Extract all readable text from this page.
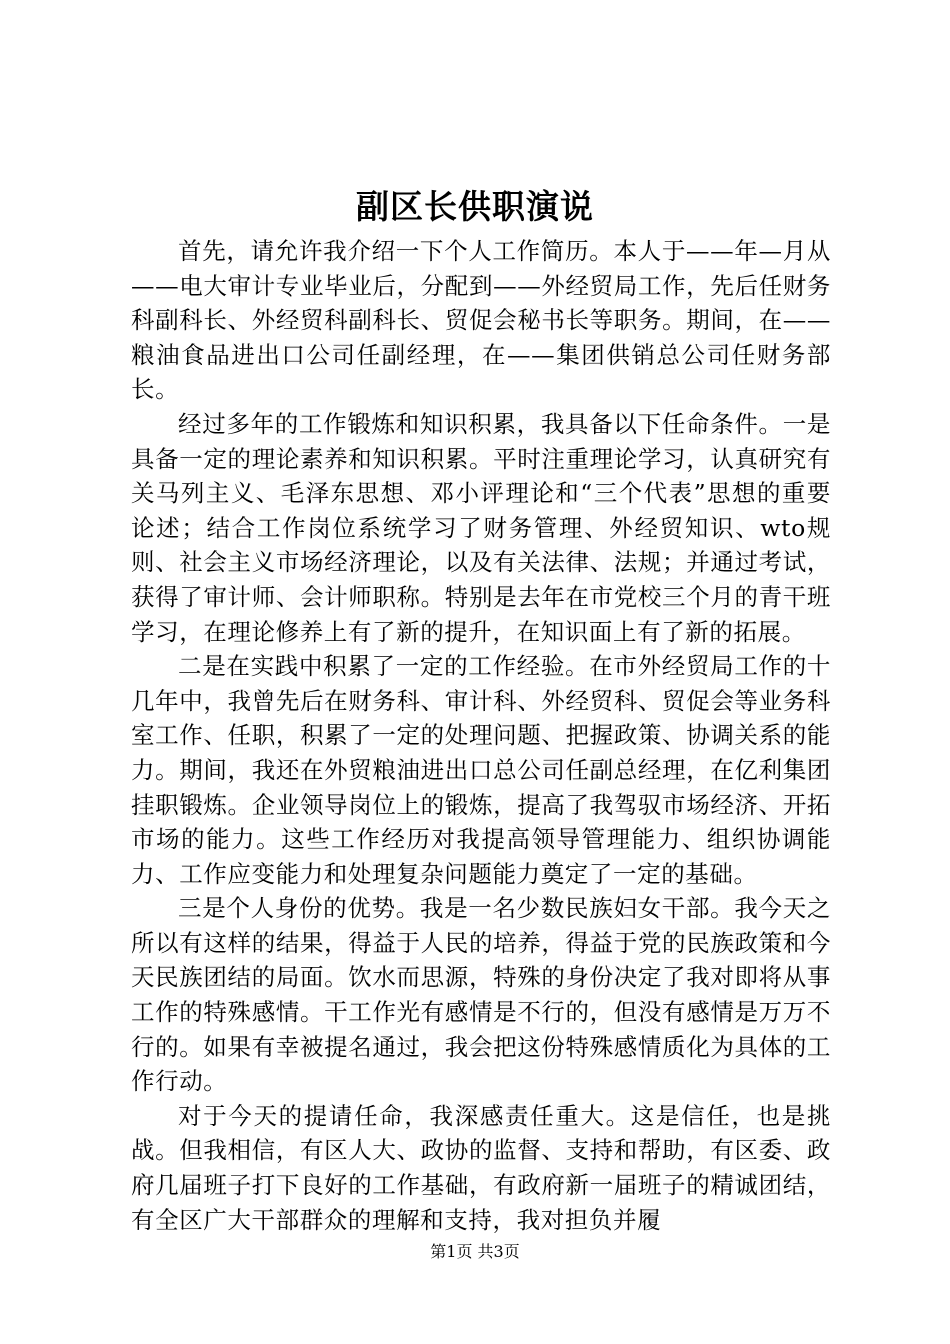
副区长供职演说

首先，请允许我介绍一下个人工作简历。本人于——年—月从——电大审计专业毕业后，分配到——外经贸局工作，先后任财务科副科长、外经贸科副科长、贸促会秘书长等职务。期间，在——粮油食品进出口公司任副经理，在——集团供销总公司任财务部长。

经过多年的工作锻炼和知识积累，我具备以下任命条件。一是具备一定的理论素养和知识积累。平时注重理论学习，认真研究有关马列主义、毛泽东思想、邓小评理论和“三个代表”思想的重要论述；结合工作岗位系统学习了财务管理、外经贸知识、wto规则、社会主义市场经济理论，以及有关法律、法规；并通过考试，获得了审计师、会计师职称。特别是去年在市党校三个月的青干班学习，在理论修养上有了新的提升，在知识面上有了新的拓展。

二是在实践中积累了一定的工作经验。在市外经贸局工作的十几年中，我曾先后在财务科、审计科、外经贸科、贸促会等业务科室工作、任职，积累了一定的处理问题、把握政策、协调关系的能力。期间，我还在外贸粮油进出口总公司任副总经理，在亿利集团挂职锻炼。企业领导岗位上的锻炼，提高了我驾驭市场经济、开拓市场的能力。这些工作经历对我提高领导管理能力、组织协调能力、工作应变能力和处理复杂问题能力奠定了一定的基础。

三是个人身份的优势。我是一名少数民族妇女干部。我今天之所以有这样的结果，得益于人民的培养，得益于党的民族政策和今天民族团结的局面。饮水而思源，特殊的身份决定了我对即将从事工作的特殊感情。干工作光有感情是不行的，但没有感情是万万不行的。如果有幸被提名通过，我会把这份特殊感情质化为具体的工作行动。

对于今天的提请任命，我深感责任重大。这是信任，也是挑战。但我相信，有区人大、政协的监督、支持和帮助，有区委、政府几届班子打下良好的工作基础，有政府新一届班子的精诚团结，有全区广大干部群众的理解和支持，我对担负并履

第1页 共3页
